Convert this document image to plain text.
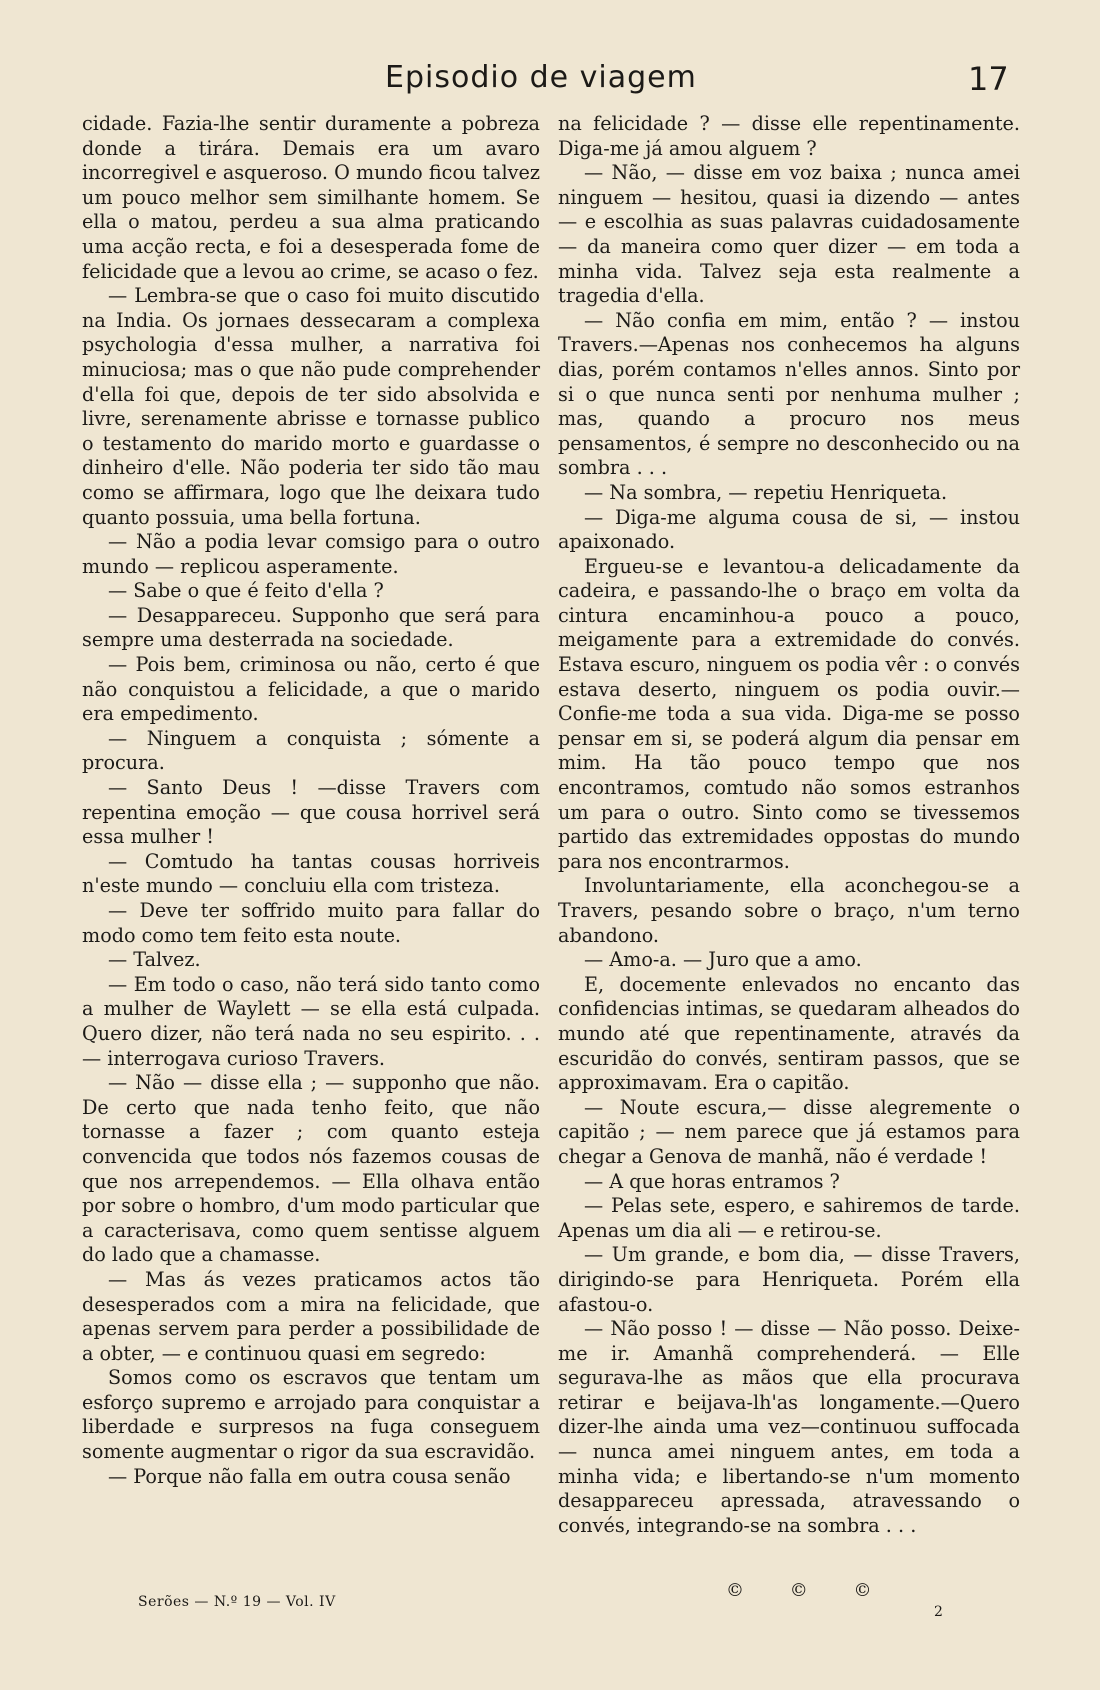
Episodio de viagem	17

cidade. Fazia-lhe sentir duramente a pobreza donde a tirára. Demais era um avaro incorregivel e asqueroso. O mundo ficou talvez um pouco melhor sem similhante homem. Se ella o matou, perdeu a sua alma praticando uma acção recta, e foi a desesperada fome de felicidade que a levou ao crime, se acaso o fez.

— Lembra-se que o caso foi muito discutido na India. Os jornaes dessecaram a complexa psychologia d'essa mulher, a narrativa foi minuciosa; mas o que não pude comprehender d'ella foi que, depois de ter sido absolvida e livre, serenamente abrisse e tornasse publico o testamento do marido morto e guardasse o dinheiro d'elle. Não poderia ter sido tão mau como se affirmara, logo que lhe deixara tudo quanto possuia, uma bella fortuna.

— Não a podia levar comsigo para o outro mundo — replicou asperamente.

— Sabe o que é feito d'ella ?

— Desappareceu. Supponho que será para sempre uma desterrada na sociedade.

— Pois bem, criminosa ou não, certo é que não conquistou a felicidade, a que o marido era empedimento.

— Ninguem a conquista ; sómente a procura.

— Santo Deus ! —disse Travers com repentina emoção — que cousa horrivel será essa mulher !

— Comtudo ha tantas cousas horriveis n'este mundo — concluiu ella com tristeza.

— Deve ter soffrido muito para fallar do modo como tem feito esta noute.

— Talvez.

— Em todo o caso, não terá sido tanto como a mulher de Waylett — se ella está culpada. Quero dizer, não terá nada no seu espirito. . . — interrogava curioso Travers.

— Não — disse ella ; — supponho que não. De certo que nada tenho feito, que não tornasse a fazer ; com quanto esteja convencida que todos nós fazemos cousas de que nos arrependemos. — Ella olhava então por sobre o hombro, d'um modo particular que a caracterisava, como quem sentisse alguem do lado que a chamasse.

— Mas ás vezes praticamos actos tão desesperados com a mira na felicidade, que apenas servem para perder a possibilidade de a obter, — e continuou quasi em segredo:

Somos como os escravos que tentam um esforço supremo e arrojado para conquistar a liberdade e surpresos na fuga conseguem somente augmentar o rigor da sua escravidão.

— Porque não falla em outra cousa senão

na felicidade ? — disse elle repentinamente. Diga-me já amou alguem ?

— Não, — disse em voz baixa ; nunca amei ninguem — hesitou, quasi ia dizendo — antes — e escolhia as suas palavras cuidadosamente — da maneira como quer dizer — em toda a minha vida. Talvez seja esta realmente a tragedia d'ella.

— Não confia em mim, então ? — instou Travers.—Apenas nos conhecemos ha alguns dias, porém contamos n'elles annos. Sinto por si o que nunca senti por nenhuma mulher ; mas, quando a procuro nos meus pensamentos, é sempre no desconhecido ou na sombra . . .

— Na sombra, — repetiu Henriqueta.

— Diga-me alguma cousa de si, — instou apaixonado.

Ergueu-se e levantou-a delicadamente da cadeira, e passando-lhe o braço em volta da cintura encaminhou-a pouco a pouco, meigamente para a extremidade do convés. Estava escuro, ninguem os podia vêr : o convés estava deserto, ninguem os podia ouvir.—Confie-me toda a sua vida. Diga-me se posso pensar em si, se poderá algum dia pensar em mim. Ha tão pouco tempo que nos encontramos, comtudo não somos estranhos um para o outro. Sinto como se tivessemos partido das extremidades oppostas do mundo para nos encontrarmos.

Involuntariamente, ella aconchegou-se a Travers, pesando sobre o braço, n'um terno abandono.

— Amo-a. — Juro que a amo.

E, docemente enlevados no encanto das confidencias intimas, se quedaram alheados do mundo até que repentinamente, através da escuridão do convés, sentiram passos, que se approximavam. Era o capitão.

— Noute escura,— disse alegremente o capitão ; — nem parece que já estamos para chegar a Genova de manhã, não é verdade !

— A que horas entramos ?

— Pelas sete, espero, e sahiremos de tarde. Apenas um dia ali — e retirou-se.

— Um grande, e bom dia, — disse Travers, dirigindo-se para Henriqueta. Porém ella afastou-o.

— Não posso ! — disse — Não posso. Deixe-me ir. Amanhã comprehenderá. — Elle segurava-lhe as mãos que ella procurava retirar e beijava-lh'as longamente.—Quero dizer-lhe ainda uma vez—continuou suffocada — nunca amei ninguem antes, em toda a minha vida; e libertando-se n'um momento desappareceu apressada, atravessando o convés, integrando-se na sombra . . .

Serões — N.º 19 — Vol. IV
© © ©
2
